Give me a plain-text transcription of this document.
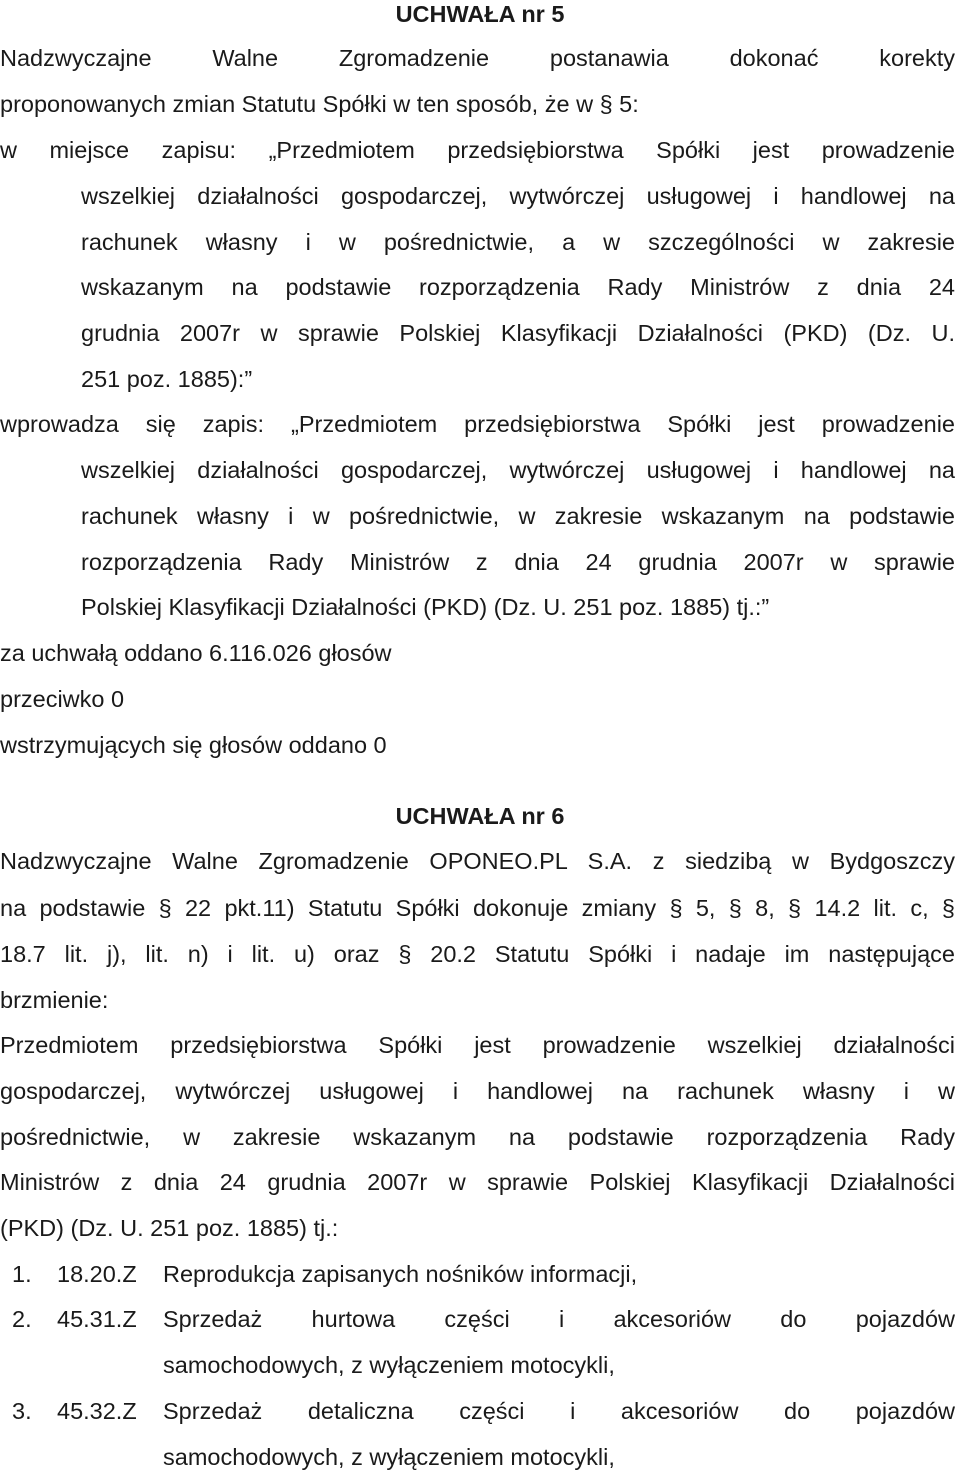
UCHWAŁA nr 5
Nadzwyczajne Walne Zgromadzenie postanawia dokonać korekty
proponowanych zmian Statutu Spółki w ten sposób, że w § 5:
w miejsce zapisu: „Przedmiotem przedsiębiorstwa Spółki jest prowadzenie
wszelkiej działalności gospodarczej, wytwórczej usługowej i handlowej na
rachunek własny i w pośrednictwie, a w szczególności w zakresie
wskazanym na podstawie rozporządzenia Rady Ministrów z dnia 24
grudnia 2007r w sprawie Polskiej Klasyfikacji Działalności (PKD) (Dz. U.
251 poz. 1885):”
wprowadza się zapis: „Przedmiotem przedsiębiorstwa Spółki jest prowadzenie
wszelkiej działalności gospodarczej, wytwórczej usługowej i handlowej na
rachunek własny i w pośrednictwie, w zakresie wskazanym na podstawie
rozporządzenia Rady Ministrów z dnia 24 grudnia 2007r w sprawie
Polskiej Klasyfikacji Działalności (PKD) (Dz. U. 251 poz. 1885) tj.:”
za uchwałą oddano 6.116.026 głosów
przeciwko 0
wstrzymujących się głosów oddano 0
UCHWAŁA nr 6
Nadzwyczajne Walne Zgromadzenie OPONEO.PL S.A. z siedzibą w Bydgoszczy
na podstawie § 22 pkt.11) Statutu Spółki dokonuje zmiany § 5, § 8, § 14.2 lit. c, §
18.7 lit. j), lit. n) i lit. u) oraz § 20.2 Statutu Spółki i nadaje im następujące
brzmienie:
Przedmiotem przedsiębiorstwa Spółki jest prowadzenie wszelkiej działalności
gospodarczej, wytwórczej usługowej i handlowej na rachunek własny i w
pośrednictwie, w zakresie wskazanym na podstawie rozporządzenia Rady
Ministrów z dnia 24 grudnia 2007r w sprawie Polskiej Klasyfikacji Działalności
(PKD) (Dz. U. 251 poz. 1885) tj.:
1. 18.20.Z Reprodukcja zapisanych nośników informacji,
2. 45.31.Z Sprzedaż hurtowa części i akcesoriów do pojazdów
samochodowych, z wyłączeniem motocykli,
3. 45.32.Z Sprzedaż detaliczna części i akcesoriów do pojazdów
samochodowych, z wyłączeniem motocykli,
